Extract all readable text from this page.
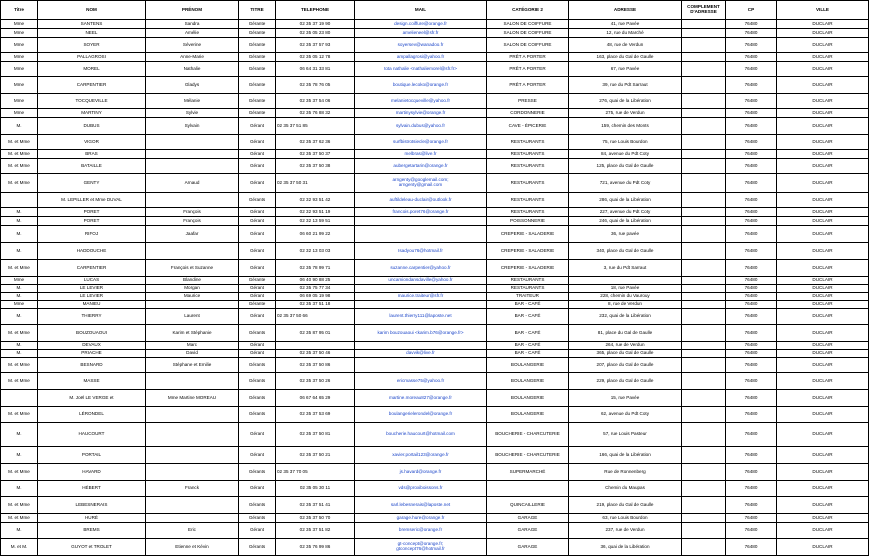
Titre	NOM	PRÉNOM	TITRE	TELEPHONE	MAIL	CATÉGORIE 2	ADRESSE	COMPLEMENT
D'ADRESSE	CP	VILLE
Mme	SANTENS	Sandra	Gérante	02 35 37 19 90	design.coiffure@orange.fr	SALON DE COIFFURE	41, rue Pavée		76480	DUCLAIR
Mme	NEEL	Amélie	Gérante	02 35 05 23 80	amelieneel@sfr.fr	SALON DE COIFFURE	12, rue du Marché		76480	DUCLAIR
Mme	SOYER	Séverine	Gérante	02 35 37 57 93	soyersev@wanadoo.fr	SALON DE COIFFURE	48, rue de Verdun		76480	DUCLAIR
Mme	PALLAGROSI	Anne-Marie	Gérante	02 35 05 12 78	ampallagrosi@yahoo.fr	PRÊT A PORTER	163, place du Gal de Gaulle		76480	DUCLAIR
Mme	MOREL	Nathalie	Gérante	06 64 31 33 81	tota nathalie <nathaliemorel@sfr.fr>	PRÊT A PORTER	67, rue Pavée		76480	DUCLAIR
Mme	CARPENTIER	Gladys	Gérante	02 35 78 76 05	boutique.lecoko@orange.fr	PRÊT A PORTER	39, rue du Pdt Sarraut		76480	DUCLAIR
Mme	TOCQUEVILLE	Mélanie	Gérante	02 35 37 54 06	melanietocqueville@yahoo.fr	PRESSE	276, quai de la Libération		76480	DUCLAIR
Mme	MARTINY	Sylvie	Gérante	02 35 76 88 32	martinysylvie@orange.fr	CORDONNERIE	275, rue de Verdun		76480	DUCLAIR
M.	DUBUS	Sylvain	Gérant	02 35 37 51 85	sylvain.dubus@yahoo.fr	CAVE - ÉPICERIE	159, chemin des Monts		76480	DUCLAIR
M. et Mme	VIGOR		Gérant	02 35 37 62 36	surfbistrotsiecle@orange.fr	RESTAURANTS	75, rue Louis Bourdon		76480	DUCLAIR
M. et Mme	BRAS		Gérant	02 35 37 50 37	melbras@live.fr	RESTAURANTS	84, avenue du Pdt Coty		76480	DUCLAIR
M. et Mme	BATAILLE		Gérant	02 35 37 50 38	aubergetartarin@orange.fr	RESTAURANTS	125, place du Gal de Gaulle		76480	DUCLAIR
M. et Mme	GENTY	Arnaud	Gérant	02 35 37 50 31	arngenty@googlemail.com;
arngenty@gmail.com	RESTAURANTS	721, avenue du Pdt Coty		76480	DUCLAIR
	M. LEPILLER et Mme DUVAL		Gérants	02 32 93 51 42	auftildeleau-duclair@outlook.fr	RESTAURANTS	286, quai de la Libération		76480	DUCLAIR
M.	PORET	François	Gérant	02 32 93 51 19	francois.poret76@orange.fr	RESTAURANTS	227, avenue du Pdt Coty		76480	DUCLAIR
M.	PORET	François	Gérant	02 32 13 59 51		POISSONNERIE	246, quai de la Libération		76480	DUCLAIR
M.	RIFOJ	Jaafar	Gérant	06 60 21 99 22		CREPERIE - SALADERIE	36, rue pavée		76480	DUCLAIR
M.	HADDOUCHE		Gérant	02 32 13 03 03	Isadyou76@hotmail.fr	CREPERIE - SALADERIE	340, place du Gal de Gaulle		76480	DUCLAIR
M. et Mme	CARPENTIER	François et Suzanne	Gérant	02 35 78 99 71	suzanne.carpentier@yahoo.fr	CREPERIE - SALADERIE	3, rue du Pdt Sarraut		76480	DUCLAIR
Mme	LUCAS	Blandine	Gérante	06 40 90 88 25	uncamiondansdaville@yahoo.fr	RESTAURANTS			76480	DUCLAIR
M.	LE LEVIER	Morgan	Gérant	02 35 75 77 34		RESTAURANTS	18, rue Pavée		76480	DUCLAIR
M.	LE LEVIER	Maurice	Gérant	06 69 05 19 98	maurice.traiteur@sfr.fr	TRAITEUR	228, chemin du Vaurouy		76480	DUCLAIR
Mme	MANIEU		Gérante	02 35 37 51 18		BAR - CAFÉ	8, rue de Verdun		76480	DUCLAIR
M.	THIERRY	Laurent	Gérant	02 35 37 50 66	laurent.thierry111@laposte.net	BAR - CAFÉ	232, quai de la Libération		76480	DUCLAIR
M. et Mme	BOUZOUAOUI	Karim et Stéphanie	Gérants	02 35 87 95 01	karim bouzouaoui <karim.b76@orange.fr>	BAR - CAFÉ	81, place du Gal de Gaulle		76480	DUCLAIR
M.	DEVAUX	Marc	Gérant			BAR - CAFÉ	264, rue de Verdun		76480	DUCLAIR
M.	PRIACHE	David	Gérant	02 35 37 50 46	davvik@live.fr	BAR - CAFÉ	365, place du Gal de Gaulle		76480	DUCLAIR
M. et Mme	BESNARD	Stéphane et Emilie	Gérants	02 35 37 50 86		BOULANGERIE	207, place du Gal de Gaulle		76480	DUCLAIR
M. et Mme	MASSE		Gérants	02 35 37 50 26	ericmasse75@yahoo.fr	BOULANGERIE	229, place du Gal de Gaulle		76480	DUCLAIR
	M. Joël LE VERGE et	Mme Martine MOREAU	Gérants	06 67 64 65 29	martine.moreau827@orange.fr	BOULANGERIE	15, rue Pavée		76480	DUCLAIR
M. et Mme	LÉRONDEL		Gérants	02 35 37 53 69	boulangerielerondel@orange.fr	BOULANGERIE	62, avenue du Pdt Coty		76480	DUCLAIR
M.	HAUCOURT		Gérant	02 35 37 50 81	boucherie.haucourt@hotmail.com	BOUCHERIE - CHARCUTERIE	57, rue Louis Pasteur		76480	DUCLAIR
M.	PORTAIL		Gérant	02 35 37 50 21	xavier.portail123@orange.fr	BOUCHERIE - CHARCUTERIE	166, quai de la Libération		76480	DUCLAIR
M. et Mme	HAVARD		Gérants	02 35 37 70 05	js.havard@orange.fr	SUPERMARCHÉ	Rue de Ronnenberg		76480	DUCLAIR
M.	HÉBERT	Franck	Gérant	02 35 05 30 11	vds@proxiboissons.fr		Chemin du Maupas		76480	DUCLAIR
M. et Mme	LEBESNERAIS		Gérants	02 35 37 51 41	sarl.lebesnerais@laposte.net	QUINCAILLERIE	219, place du Gal de Gaulle		76480	DUCLAIR
M. et Mme	HURÉ		Gérants	02 35 37 50 70	garage.hure@orange.fr	GARAGE	63, rue Louis Bourdon		76480	DUCLAIR
M.	BREMS	Eric	Gérant	02 35 37 51 82	bremseric@orange.fr	GARAGE	237, rue de Verdun		76480	DUCLAIR
M. et M.	GUYOT et TROLET	Etienne et Kévin	Gérants	02 35 76 99 86	gt-concept@orange.fr;
gtconcept76@hotmail.fr	GARAGE	36, quai de la Libération		76480	DUCLAIR
